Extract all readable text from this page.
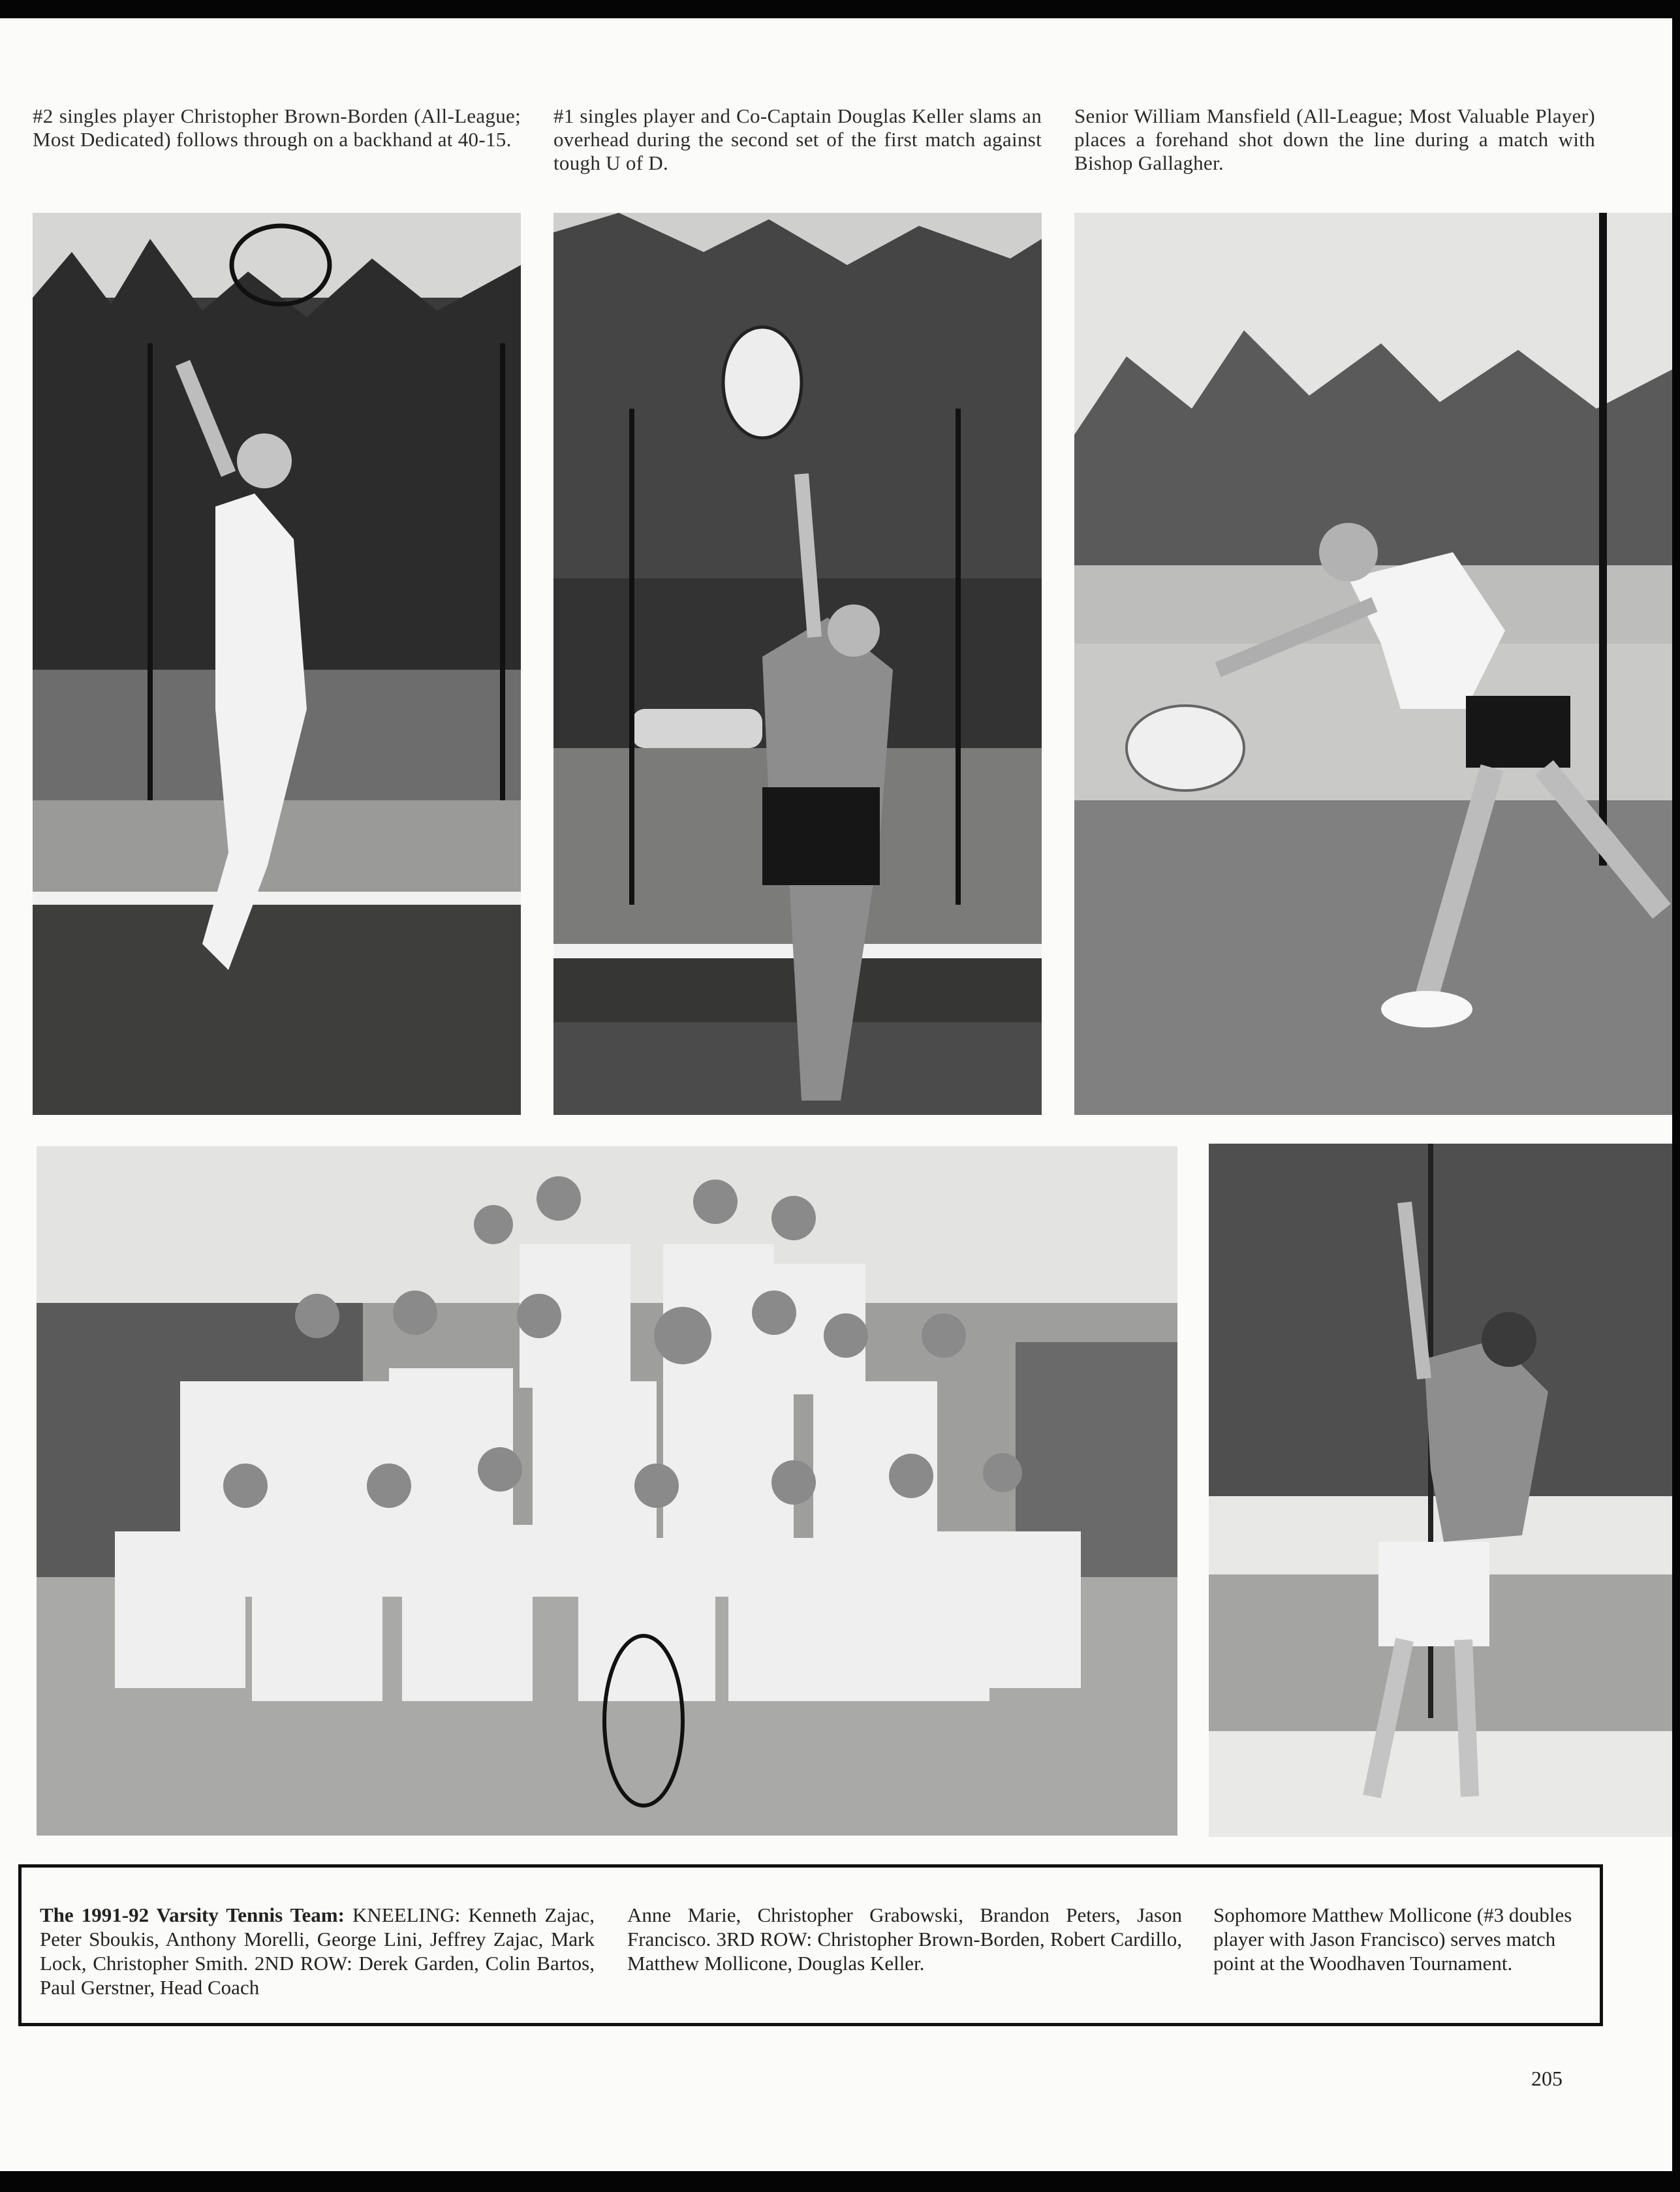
#2 singles player Christopher Brown-Borden (All-League; Most Dedicated) follows through on a backhand at 40-15.
#1 singles player and Co-Captain Douglas Keller slams an overhead during the second set of the first match against tough U of D.
Senior William Mansfield (All-League; Most Valuable Player) places a forehand shot down the line during a match with Bishop Gallagher.
The 1991-92 Varsity Tennis Team: KNEELING: Kenneth Zajac, Peter Sboukis, Anthony Morelli, George Lini, Jeffrey Zajac, Mark Lock, Christopher Smith. 2ND ROW: Derek Garden, Colin Bartos, Paul Gerstner, Head Coach
Anne Marie, Christopher Grabowski, Brandon Peters, Jason Francisco. 3RD ROW: Christopher Brown-Borden, Robert Cardillo, Matthew Mollicone, Douglas Keller.
Sophomore Matthew Mollicone (#3 doubles player with Jason Francisco) serves match point at the Woodhaven Tournament.
205
